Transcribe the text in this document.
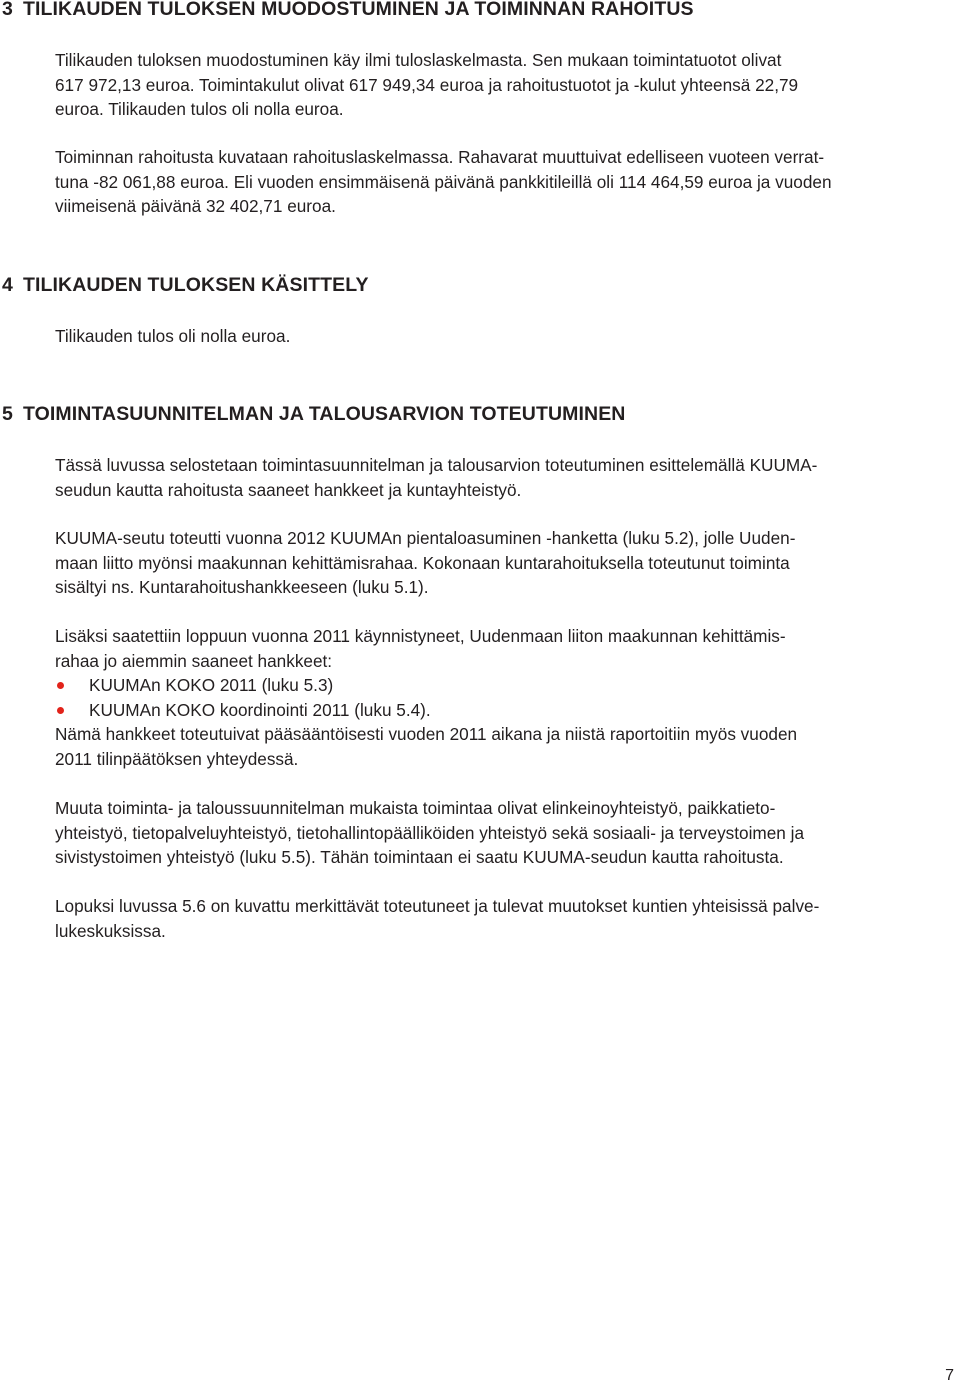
3 TILIKAUDEN TULOKSEN MUODOSTUMINEN JA TOIMINNAN RAHOITUS

Tilikauden tuloksen muodostuminen käy ilmi tuloslaskelmasta. Sen mukaan toimintatuotot olivat
617 972,13 euroa. Toimintakulut olivat 617 949,34 euroa ja rahoitustuotot ja -kulut yhteensä 22,79
euroa. Tilikauden tulos oli nolla euroa.

Toiminnan rahoitusta kuvataan rahoituslaskelmassa. Rahavarat muuttuivat edelliseen vuoteen verrat-
tuna -82 061,88 euroa. Eli vuoden ensimmäisenä päivänä pankkitileillä oli 114 464,59 euroa ja vuoden
viimeisenä päivänä 32 402,71 euroa.

4 TILIKAUDEN TULOKSEN KÄSITTELY

Tilikauden tulos oli nolla euroa.

5 TOIMINTASUUNNITELMAN JA TALOUSARVION TOTEUTUMINEN

Tässä luvussa selostetaan toimintasuunnitelman ja talousarvion toteutuminen esittelemällä KUUMA-
seudun kautta rahoitusta saaneet hankkeet ja kuntayhteistyö.

KUUMA-seutu toteutti vuonna 2012 KUUMAn pientaloasuminen -hanketta (luku 5.2), jolle Uuden-
maan liitto myönsi maakunnan kehittämisrahaa. Kokonaan kuntarahoituksella toteutunut toiminta
sisältyi ns. Kuntarahoitushankkeeseen (luku 5.1).

Lisäksi saatettiin loppuun vuonna 2011 käynnistyneet, Uudenmaan liiton maakunnan kehittämis-
rahaa jo aiemmin saaneet hankkeet:

KUUMAn KOKO 2011 (luku 5.3)
KUUMAn KOKO koordinointi 2011 (luku 5.4).

Nämä hankkeet toteutuivat pääsääntöisesti vuoden 2011 aikana ja niistä raportoitiin myös vuoden
2011 tilinpäätöksen yhteydessä.

Muuta toiminta- ja taloussuunnitelman mukaista toimintaa olivat elinkeinoyhteistyö, paikkatieto-
yhteistyö, tietopalveluyhteistyö, tietohallintopäälliköiden yhteistyö sekä sosiaali- ja terveystoimen ja
sivistystoimen yhteistyö (luku 5.5). Tähän toimintaan ei saatu KUUMA-seudun kautta rahoitusta.

Lopuksi luvussa 5.6 on kuvattu merkittävät toteutuneet ja tulevat muutokset kuntien yhteisissä palve-
lukeskuksissa.

7
